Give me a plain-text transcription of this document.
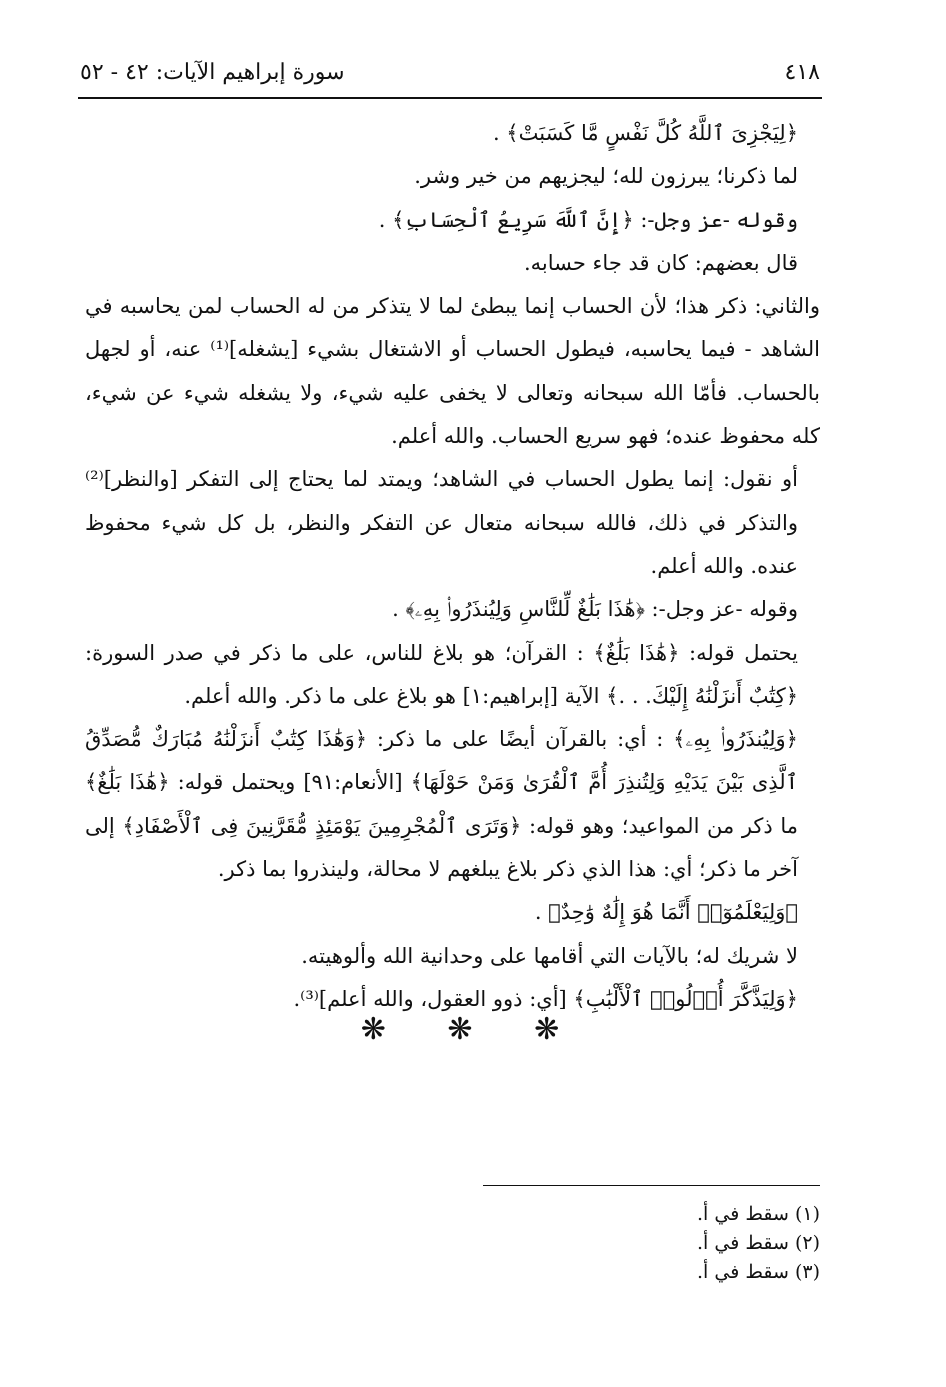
٤١٨
سورة إبراهيم الآيات: ٤٢ - ٥٢

﴿لِيَجْزِىَ ٱللَّهُ كُلَّ نَفْسٍ مَّا كَسَبَتْ﴾ .

لما ذكرنا؛ يبرزون لله؛ ليجزيهم من خير وشر.

وقوله -عز وجل-: ﴿إِنَّ ٱللَّهَ سَرِيعُ ٱلْحِسَابِ﴾ .

قال بعضهم: كان قد جاء حسابه.

والثاني: ذكر هذا؛ لأن الحساب إنما يبطئ لما لا يتذكر من له الحساب لمن يحاسبه في الشاهد - فيما يحاسبه، فيطول الحساب أو الاشتغال بشيء [يشغله]⁽¹⁾ عنه، أو لجهل بالحساب. فأمّا الله سبحانه وتعالى لا يخفى عليه شيء، ولا يشغله شيء عن شيء، كله محفوظ عنده؛ فهو سريع الحساب. والله أعلم.

أو نقول: إنما يطول الحساب في الشاهد؛ ويمتد لما يحتاج إلى التفكر [والنظر]⁽²⁾ والتذكر في ذلك، فالله سبحانه متعال عن التفكر والنظر، بل كل شيء محفوظ عنده. والله أعلم.

وقوله -عز وجل-: ﴿هَٰذَا بَلَٰغٌ لِّلنَّاسِ وَلِيُنذَرُوا۟ بِهِۦ﴾ .

يحتمل قوله: ﴿هَٰذَا بَلَٰغٌ﴾ : القرآن؛ هو بلاغ للناس، على ما ذكر في صدر السورة: ﴿كِتَٰبٌ أَنزَلْنَٰهُ إِلَيْكَ. . .﴾ الآية [إبراهيم:١] هو بلاغ على ما ذكر. والله أعلم.

﴿وَلِيُنذَرُوا۟ بِهِۦ﴾ : أي: بالقرآن أيضًا على ما ذكر: ﴿وَهَٰذَا كِتَٰبٌ أَنزَلْنَٰهُ مُبَارَكٌ مُّصَدِّقُ ٱلَّذِى بَيْنَ يَدَيْهِ وَلِتُنذِرَ أُمَّ ٱلْقُرَىٰ وَمَنْ حَوْلَهَا﴾ [الأنعام:٩١] ويحتمل قوله: ﴿هَٰذَا بَلَٰغٌ﴾ ما ذكر من المواعيد؛ وهو قوله: ﴿وَتَرَى ٱلْمُجْرِمِينَ يَوْمَئِذٍ مُّقَرَّنِينَ فِى ٱلْأَصْفَادِ﴾ إلى آخر ما ذكر؛ أي: هذا الذي ذكر بلاغ يبلغهم لا محالة، ولينذروا بما ذكر.

﴿وَلِيَعْلَمُوٓا۟ أَنَّمَا هُوَ إِلَٰهٌ وَٰحِدٌ﴾ .

لا شريك له؛ بالآيات التي أقامها على وحدانية الله وألوهيته.

﴿وَلِيَذَّكَّرَ أُو۟لُوا۟ ٱلْأَلْبَٰبِ﴾ [أي: ذوو العقول، والله أعلم]⁽³⁾.

❋ ❋ ❋
(١) سقط في أ.
(٢) سقط في أ.
(٣) سقط في أ.
